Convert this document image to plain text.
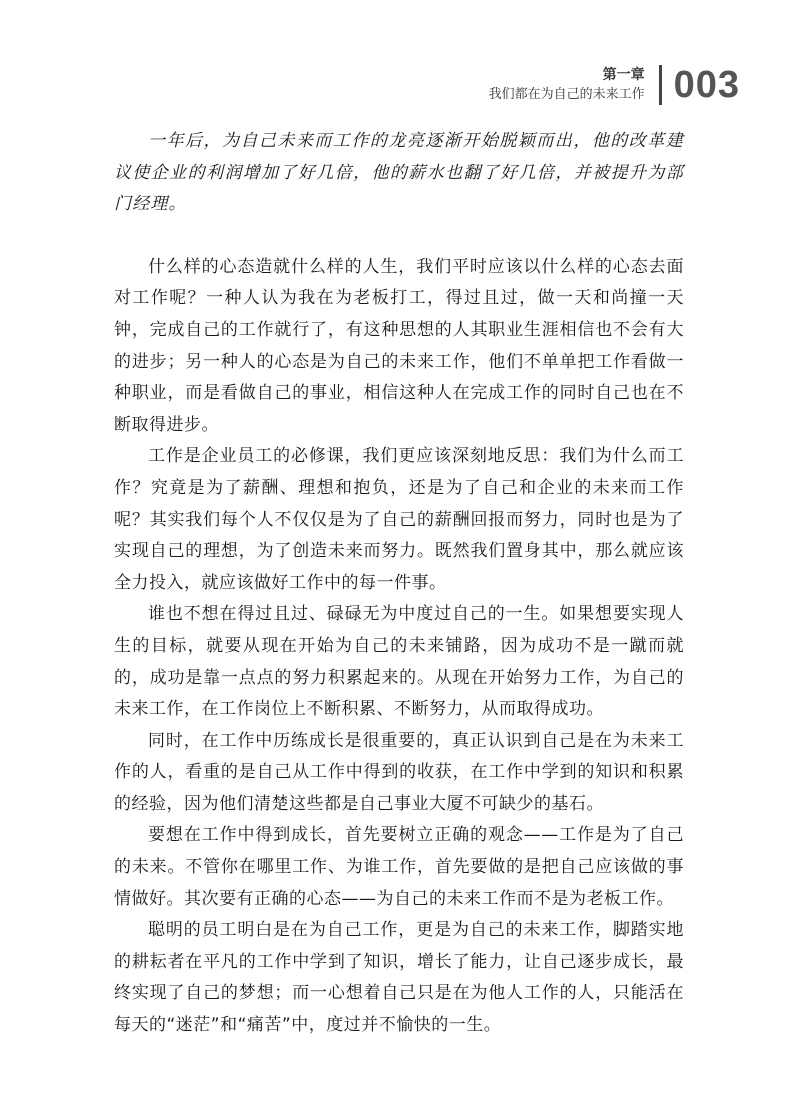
第一章
我们都在为自己的未来工作 003

一年后，为自己未来而工作的龙亮逐渐开始脱颖而出，他的改革建议使企业的利润增加了好几倍，他的薪水也翻了好几倍，并被提升为部门经理。

什么样的心态造就什么样的人生，我们平时应该以什么样的心态去面对工作呢？一种人认为我在为老板打工，得过且过，做一天和尚撞一天钟，完成自己的工作就行了，有这种思想的人其职业生涯相信也不会有大的进步；另一种人的心态是为自己的未来工作，他们不单单把工作看做一种职业，而是看做自己的事业，相信这种人在完成工作的同时自己也在不断取得进步。

工作是企业员工的必修课，我们更应该深刻地反思：我们为什么而工作？究竟是为了薪酬、理想和抱负，还是为了自己和企业的未来而工作呢？其实我们每个人不仅仅是为了自己的薪酬回报而努力，同时也是为了实现自己的理想，为了创造未来而努力。既然我们置身其中，那么就应该全力投入，就应该做好工作中的每一件事。

谁也不想在得过且过、碌碌无为中度过自己的一生。如果想要实现人生的目标，就要从现在开始为自己的未来铺路，因为成功不是一蹴而就的，成功是靠一点点的努力积累起来的。从现在开始努力工作，为自己的未来工作，在工作岗位上不断积累、不断努力，从而取得成功。

同时，在工作中历练成长是很重要的，真正认识到自己是在为未来工作的人，看重的是自己从工作中得到的收获，在工作中学到的知识和积累的经验，因为他们清楚这些都是自己事业大厦不可缺少的基石。

要想在工作中得到成长，首先要树立正确的观念——工作是为了自己的未来。不管你在哪里工作、为谁工作，首先要做的是把自己应该做的事情做好。其次要有正确的心态——为自己的未来工作而不是为老板工作。

聪明的员工明白是在为自己工作，更是为自己的未来工作，脚踏实地的耕耘者在平凡的工作中学到了知识，增长了能力，让自己逐步成长，最终实现了自己的梦想；而一心想着自己只是在为他人工作的人，只能活在每天的“迷茫”和“痛苦”中，度过并不愉快的一生。
